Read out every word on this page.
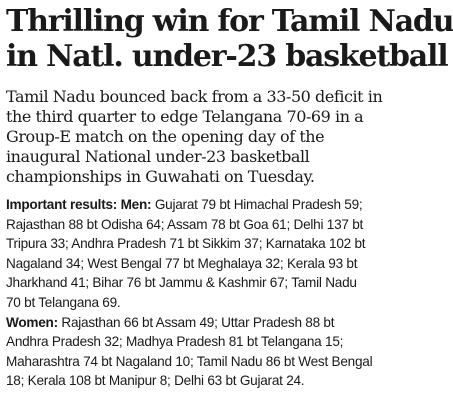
Thrilling win for Tamil Nadu
in Natl. under-23 basketball

Tamil Nadu bounced back from a 33-50 deficit in
the third quarter to edge Telangana 70-69 in a
Group-E match on the opening day of the
inaugural National under-23 basketball
championships in Guwahati on Tuesday.

Important results: Men: Gujarat 79 bt Himachal Pradesh 59;
Rajasthan 88 bt Odisha 64; Assam 78 bt Goa 61; Delhi 137 bt
Tripura 33; Andhra Pradesh 71 bt Sikkim 37; Karnataka 102 bt
Nagaland 34; West Bengal 77 bt Meghalaya 32; Kerala 93 bt
Jharkhand 41; Bihar 76 bt Jammu & Kashmir 67; Tamil Nadu
70 bt Telangana 69.

Women: Rajasthan 66 bt Assam 49; Uttar Pradesh 88 bt
Andhra Pradesh 32; Madhya Pradesh 81 bt Telangana 15;
Maharashtra 74 bt Nagaland 10; Tamil Nadu 86 bt West Bengal
18; Kerala 108 bt Manipur 8; Delhi 63 bt Gujarat 24.
